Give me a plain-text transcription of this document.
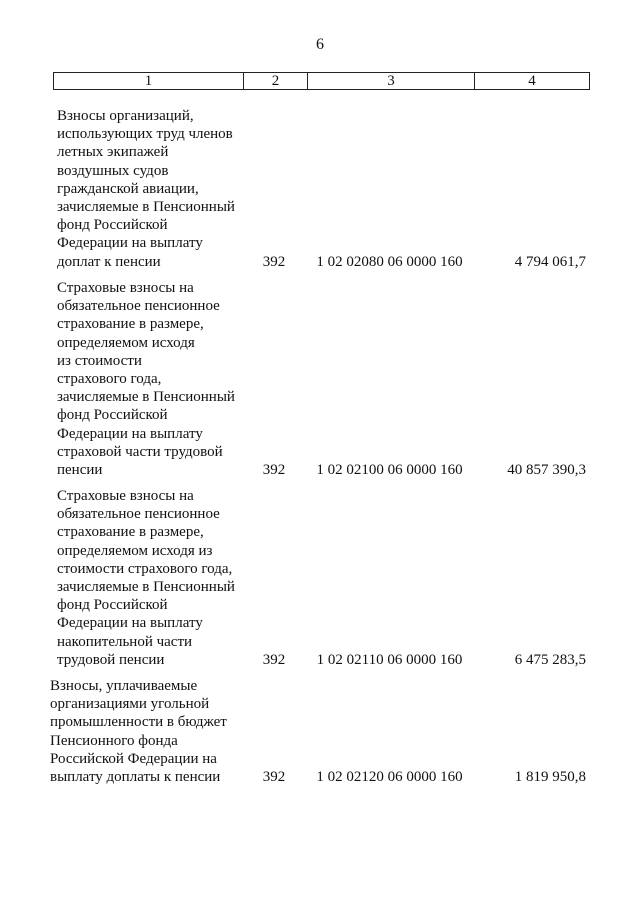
6
1	2	3	4
Взносы организаций,
использующих труд членов
летных экипажей
воздушных судов
гражданской авиации,
зачисляемые в Пенсионный
фонд Российской
Федерации на выплату
доплат к пенсии	392	1 02 02080 06 0000 160	4 794 061,7
Страховые взносы на
обязательное пенсионное
страхование в размере,
определяемом исходя
из стоимости
страхового года,
зачисляемые в Пенсионный
фонд Российской
Федерации на выплату
страховой части трудовой
пенсии	392	1 02 02100 06 0000 160	40 857 390,3
Страховые взносы на
обязательное пенсионное
страхование в размере,
определяемом исходя из
стоимости страхового года,
зачисляемые в Пенсионный
фонд Российской
Федерации на выплату
накопительной части
трудовой пенсии	392	1 02 02110 06 0000 160	6 475 283,5
Взносы, уплачиваемые
организациями угольной
промышленности в бюджет
Пенсионного фонда
Российской Федерации на
выплату доплаты к пенсии	392	1 02 02120 06 0000 160	1 819 950,8
